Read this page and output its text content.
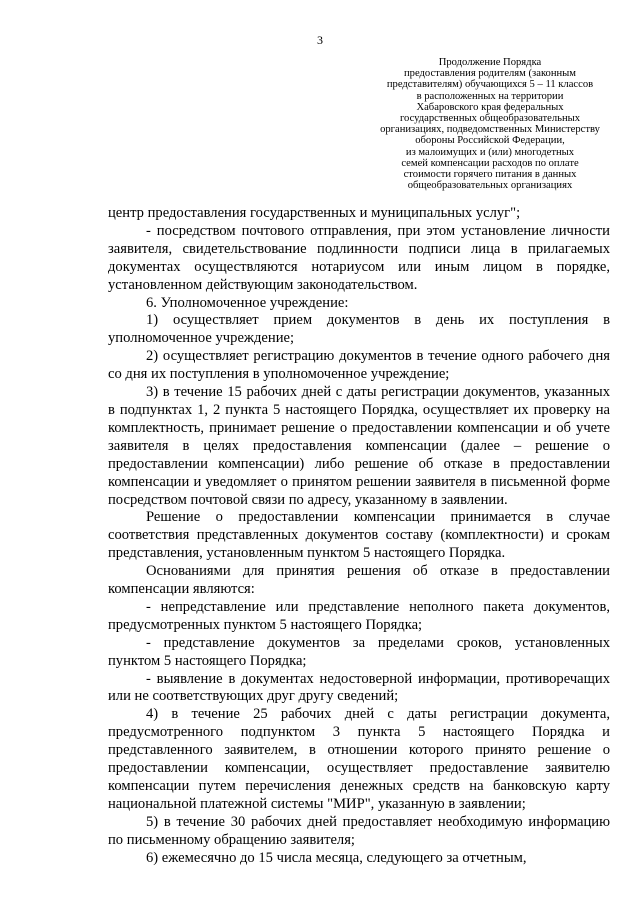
3
Продолжение Порядка
предоставления родителям (законным
представителям) обучающихся 5 – 11 классов
в расположенных на территории
Хабаровского края федеральных
государственных общеобразовательных
организациях, подведомственных Министерству
обороны Российской Федерации,
из малоимущих и (или) многодетных
семей компенсации расходов по оплате
стоимости горячего питания в данных
общеобразовательных организациях

центр предоставления государственных и муниципальных услуг";

- посредством почтового отправления, при этом установление личности заявителя, свидетельствование подлинности подписи лица в прилагаемых документах осуществляются нотариусом или иным лицом в порядке, установленном действующим законодательством.

6. Уполномоченное учреждение:

1) осуществляет прием документов в день их поступления в уполномоченное учреждение;

2) осуществляет регистрацию документов в течение одного рабочего дня со дня их поступления в уполномоченное учреждение;

3) в течение 15 рабочих дней с даты регистрации документов, указанных в подпунктах 1, 2 пункта 5 настоящего Порядка, осуществляет их проверку на комплектность, принимает решение о предоставлении компенсации и об учете заявителя в целях предоставления компенсации (далее – решение о предоставлении компенсации) либо решение об отказе в предоставлении компенсации и уведомляет о принятом решении заявителя в письменной форме посредством почтовой связи по адресу, указанному в заявлении.

Решение о предоставлении компенсации принимается в случае соответствия представленных документов составу (комплектности) и срокам представления, установленным пунктом 5 настоящего Порядка.

Основаниями для принятия решения об отказе в предоставлении компенсации являются:

- непредставление или представление неполного пакета документов, предусмотренных пунктом 5 настоящего Порядка;

- представление документов за пределами сроков, установленных пунктом 5 настоящего Порядка;

- выявление в документах недостоверной информации, противоречащих или не соответствующих друг другу сведений;

4) в течение 25 рабочих дней с даты регистрации документа, предусмотренного подпунктом 3 пункта 5 настоящего Порядка и представленного заявителем, в отношении которого принято решение о предоставлении компенсации, осуществляет предоставление заявителю компенсации путем перечисления денежных средств на банковскую карту национальной платежной системы "МИР", указанную в заявлении;

5) в течение 30 рабочих дней предоставляет необходимую информацию по письменному обращению заявителя;

6) ежемесячно до 15 числа месяца, следующего за отчетным,
